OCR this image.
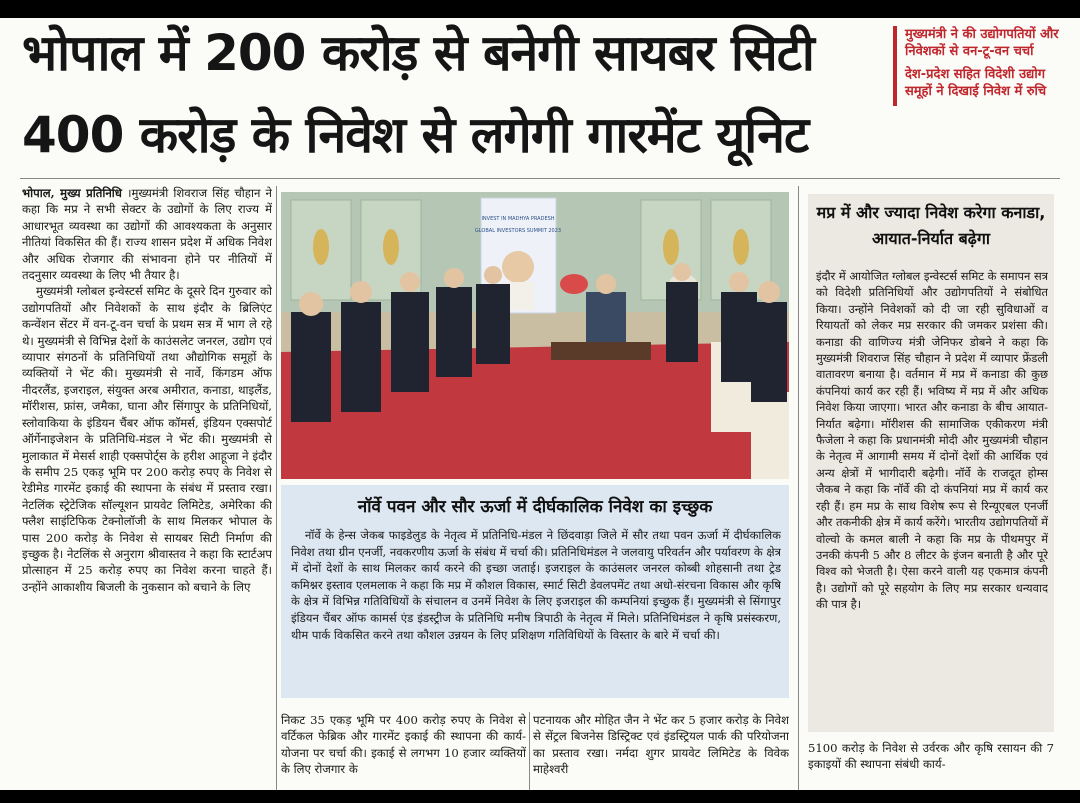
भोपाल में 200 करोड़ से बनेगी सायबर सिटी
400 करोड़ के निवेश से लगेगी गारमेंट यूनिट

मुख्यमंत्री ने की उद्योगपतियों और निवेशकों से वन-टू-वन चर्चा

देश-प्रदेश सहित विदेशी उद्योग समूहों ने दिखाई निवेश में रुचि

भोपाल, मुख्य प्रतिनिधि ।मुख्यमंत्री शिवराज सिंह चौहान ने कहा कि मप्र ने सभी सेक्टर के उद्योगों के लिए राज्य में आधारभूत व्यवस्था का उद्योगों की आवश्यकता के अनुसार नीतियां विकसित की हैं। राज्य शासन प्रदेश में अधिक निवेश और अधिक रोजगार की संभावना होने पर नीतियों में तदनुसार व्यवस्था के लिए भी तैयार है।

मुख्यमंत्री ग्लोबल इन्वेस्टर्स समिट के दूसरे दिन गुरुवार को उद्योगपतियों और निवेशकों के साथ इंदौर के ब्रिलिएंट कन्वेंशन सेंटर में वन-टू-वन चर्चा के प्रथम सत्र में भाग ले रहे थे। मुख्यमंत्री से विभिन्न देशों के काउंसलेट जनरल, उद्योग एवं व्यापार संगठनों के प्रतिनिधियों तथा औद्योगिक समूहों के व्यक्तियों ने भेंट की। मुख्यमंत्री से नार्वे, किंगडम ऑफ नीदरलैंड, इजराइल, संयुक्त अरब अमीरात, कनाडा, थाइलैंड, मॉरीशस, फ्रांस, जमैका, घाना और सिंगापुर के प्रतिनिधियों, स्लोवाकिया के इंडियन चैंबर ऑफ कॉमर्स, इंडियन एक्सपोर्ट ऑर्गेनाइजेशन के प्रतिनिधि-मंडल ने भेंट की। मुख्यमंत्री से मुलाकात में मेसर्स शाही एक्सपोर्ट्स के हरीश आहूजा ने इंदौर के समीप 25 एकड़ भूमि पर 200 करोड़ रुपए के निवेश से रेडीमेड गारमेंट इकाई की स्थापना के संबंध में प्रस्ताव रखा। नेटलिंक स्ट्रेटेजिक सॉल्यूशन प्रायवेट लिमिटेड, अमेरिका की फ्लैश साइंटिफिक टेक्नोलॉजी के साथ मिलकर भोपाल के पास 200 करोड़ के निवेश से सायबर सिटी निर्माण की इच्छुक है। नेटलिंक से अनुराग श्रीवास्तव ने कहा कि स्टार्टअप प्रोत्साहन में 25 करोड़ रुपए का निवेश करना चाहते हैं। उन्होंने आकाशीय बिजली के नुकसान को बचाने के लिए

INVEST IN MADHYA PRADESH
GLOBAL INVESTORS SUMMIT 2023
नॉर्वे पवन और सौर ऊर्जा में दीर्घकालिक निवेश का इच्छुक

नॉर्वे के हेन्स जेकब फाइडेलुड के नेतृत्व में प्रतिनिधि-मंडल ने छिंदवाड़ा जिले में सौर तथा पवन ऊर्जा में दीर्घकालिक निवेश तथा ग्रीन एनर्जी, नवकरणीय ऊर्जा के संबंध में चर्चा की। प्रतिनिधिमंडल ने जलवायु परिवर्तन और पर्यावरण के क्षेत्र में दोनों देशों के साथ मिलकर कार्य करने की इच्छा जताई। इजराइल के काउंसलर जनरल कोब्बी शोहसानी तथा ट्रेड कमिश्नर इस्ताव एलमलाक ने कहा कि मप्र में कौशल विकास, स्मार्ट सिटी डेवलपमेंट तथा अधो-संरचना विकास और कृषि के क्षेत्र में विभिन्न गतिविधियों के संचालन व उनमें निवेश के लिए इजराइल की कम्पनियां इच्छुक हैं। मुख्यमंत्री से सिंगापुर इंडियन चैंबर ऑफ कामर्स एंड इंडस्ट्रीज के प्रतिनिधि मनीष त्रिपाठी के नेतृत्व में मिले। प्रतिनिधिमंडल ने कृषि प्रसंस्करण, थीम पार्क विकसित करने तथा कौशल उन्नयन के लिए प्रशिक्षण गतिविधियों के विस्तार के बारे में चर्चा की।

निकट 35 एकड़ भूमि पर 400 करोड़ रुपए के निवेश से वर्टिकल फेब्रिक और गारमेंट इकाई की स्थापना की कार्य-योजना पर चर्चा की। इकाई से लगभग 10 हजार व्यक्तियों के लिए रोजगार के

पटनायक और मोहित जैन ने भेंट कर 5 हजार करोड़ के निवेश से सेंट्रल बिजनेस डिस्ट्रिक्ट एवं इंडस्ट्रियल पार्क की परियोजना का प्रस्ताव रखा। नर्मदा शुगर प्रायवेट लिमिटेड के विवेक माहेश्वरी

मप्र में और ज्यादा निवेश करेगा कनाडा, आयात-निर्यात बढ़ेगा

इंदौर में आयोजित ग्लोबल इन्वेस्टर्स समिट के समापन सत्र को विदेशी प्रतिनिधियों और उद्योगपतियों ने संबोधित किया। उन्होंने निवेशकों को दी जा रही सुविधाओं व रियायतों को लेकर मप्र सरकार की जमकर प्रशंसा की। कनाडा की वाणिज्य मंत्री जेनिफर डोबने ने कहा कि मुख्यमंत्री शिवराज सिंह चौहान ने प्रदेश में व्यापार फ्रेंडली वातावरण बनाया है। वर्तमान में मप्र में कनाडा की कुछ कंपनियां कार्य कर रही हैं। भविष्य में मप्र में और अधिक निवेश किया जाएगा। भारत और कनाडा के बीच आयात-निर्यात बढ़ेगा। मॉरीशस की सामाजिक एकीकरण मंत्री फैजेला ने कहा कि प्रधानमंत्री मोदी और मुख्यमंत्री चौहान के नेतृत्व में आगामी समय में दोनों देशों की आर्थिक एवं अन्य क्षेत्रों में भागीदारी बढ़ेगी। नॉर्वे के राजदूत होम्स जैकब ने कहा कि नॉर्वे की दो कंपनियां मप्र में कार्य कर रही हैं। हम मप्र के साथ विशेष रूप से रिन्यूएबल एनर्जी और तकनीकी क्षेत्र में कार्य करेंगे। भारतीय उद्योगपतियों में वोल्वो के कमल बाली ने कहा कि मप्र के पीथमपुर में उनकी कंपनी 5 और 8 लीटर के इंजन बनाती है और पूरे विश्व को भेजती है। ऐसा करने वाली यह एकमात्र कंपनी है। उद्योगों को पूरे सहयोग के लिए मप्र सरकार धन्यवाद की पात्र है।

5100 करोड़ के निवेश से उर्वरक और कृषि रसायन की 7 इकाइयों की स्थापना संबंधी कार्य-
